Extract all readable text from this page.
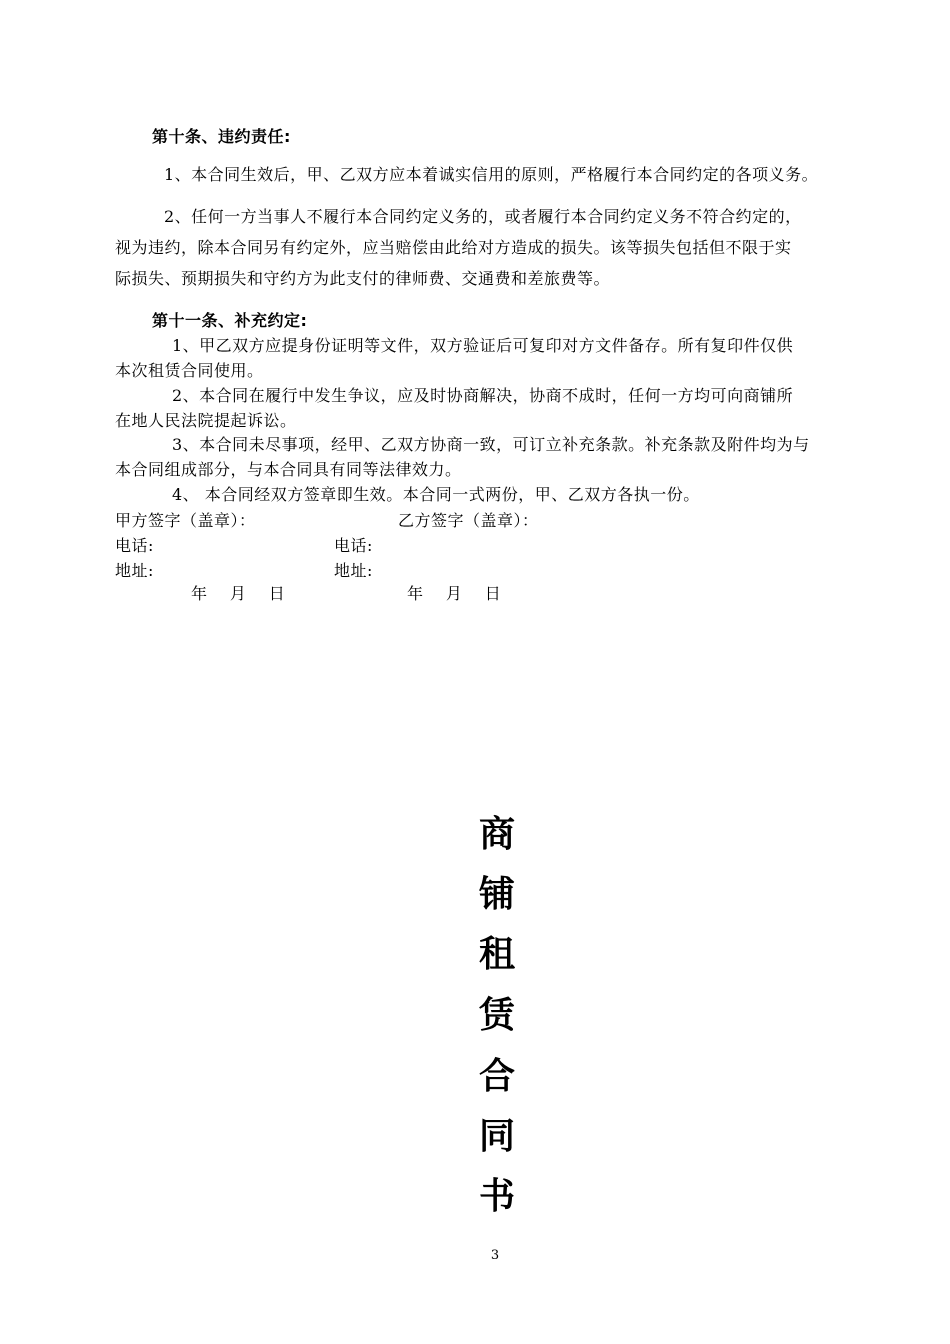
第十条、违约责任:
1、本合同生效后，甲、乙双方应本着诚实信用的原则，严格履行本合同约定的各项义务。
2、任何一方当事人不履行本合同约定义务的，或者履行本合同约定义务不符合约定的，
视为违约，除本合同另有约定外，应当赔偿由此给对方造成的损失。该等损失包括但不限于实
际损失、预期损失和守约方为此支付的律师费、交通费和差旅费等。
第十一条、补充约定:
1、甲乙双方应提身份证明等文件，双方验证后可复印对方文件备存。所有复印件仅供
本次租赁合同使用。
2、本合同在履行中发生争议，应及时协商解决，协商不成时，任何一方均可向商铺所
在地人民法院提起诉讼。
3、本合同未尽事项，经甲、乙双方协商一致，可订立补充条款。补充条款及附件均为与
本合同组成部分，与本合同具有同等法律效力。
4、 本合同经双方签章即生效。本合同一式两份，甲、乙双方各执一份。
甲方签字（盖章）：	乙方签字（盖章）：
电话:	电话:
地址:	地址:
年    月    日	年    月    日
商
铺
租
赁
合
同
书
3
